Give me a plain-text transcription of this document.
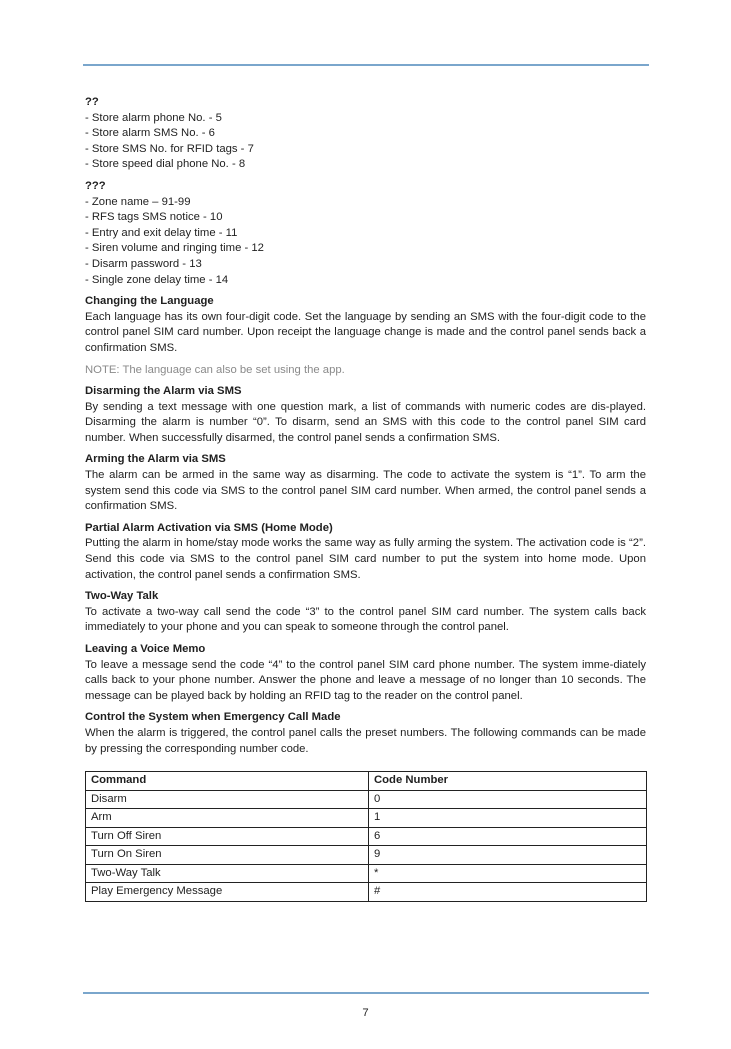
??
- Store alarm phone No. - 5
- Store alarm SMS No. - 6
- Store SMS No. for RFID tags - 7
- Store speed dial phone No. - 8
???
- Zone name – 91-99
- RFS tags SMS notice - 10
- Entry and exit delay time - 11
- Siren volume and ringing time - 12
- Disarm password - 13
- Single zone delay time - 14
Changing the Language
Each language has its own four-digit code. Set the language by sending an SMS with the four-digit code to the control panel SIM card number. Upon receipt the language change is made and the control panel sends back a confirmation SMS.
NOTE: The language can also be set using the app.
Disarming the Alarm via SMS
By sending a text message with one question mark, a list of commands with numeric codes are dis-played. Disarming the alarm is number “0”. To disarm, send an SMS with this code to the control panel SIM card number. When successfully disarmed, the control panel sends a confirmation SMS.
Arming the Alarm via SMS
The alarm can be armed in the same way as disarming. The code to activate the system is “1”. To arm the system send this code via SMS to the control panel SIM card number. When armed, the control panel sends a confirmation SMS.
Partial Alarm Activation via SMS (Home Mode)
Putting the alarm in home/stay mode works the same way as fully arming the system. The activation code is “2”. Send this code via SMS to the control panel SIM card number to put the system into home mode. Upon activation, the control panel sends a confirmation SMS.
Two-Way Talk
To activate a two-way call send the code “3” to the control panel SIM card number. The system calls back immediately to your phone and you can speak to someone through the control panel.
Leaving a Voice Memo
To leave a message send the code “4” to the control panel SIM card phone number. The system imme-diately calls back to your phone number. Answer the phone and leave a message of no longer than 10 seconds. The message can be played back by holding an RFID tag to the reader on the control panel.
Control the System when Emergency Call Made
When the alarm is triggered, the control panel calls the preset numbers. The following commands can be made by pressing the corresponding number code.
Command	Code Number
Disarm	0
Arm	1
Turn Off Siren	6
Turn On Siren	9
Two-Way Talk	*
Play Emergency Message	#
7
